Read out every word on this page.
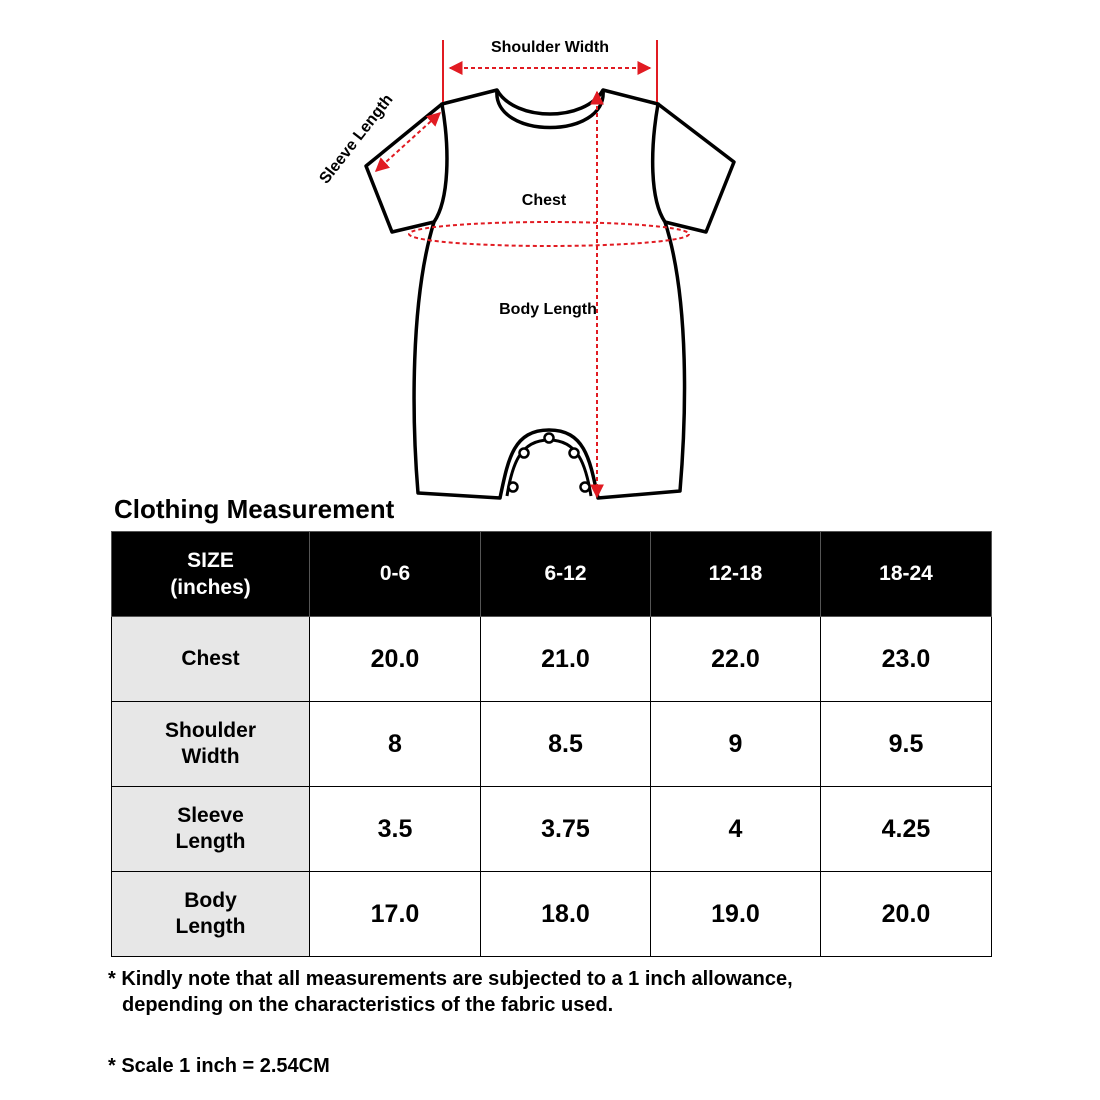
Shoulder Width
Sleeve Length
Chest
Body Length
Clothing Measurement
SIZE
(inches)	0-6	6-12	12-18	18-24
Chest	20.0	21.0	22.0	23.0
Shoulder
Width	8	8.5	9	9.5
Sleeve
Length	3.5	3.75	4	4.25
Body
Length	17.0	18.0	19.0	20.0

* Kindly note that all measurements are subjected to a 1 inch allowance,

depending on the characteristics of the fabric used.

* Scale 1 inch = 2.54CM
